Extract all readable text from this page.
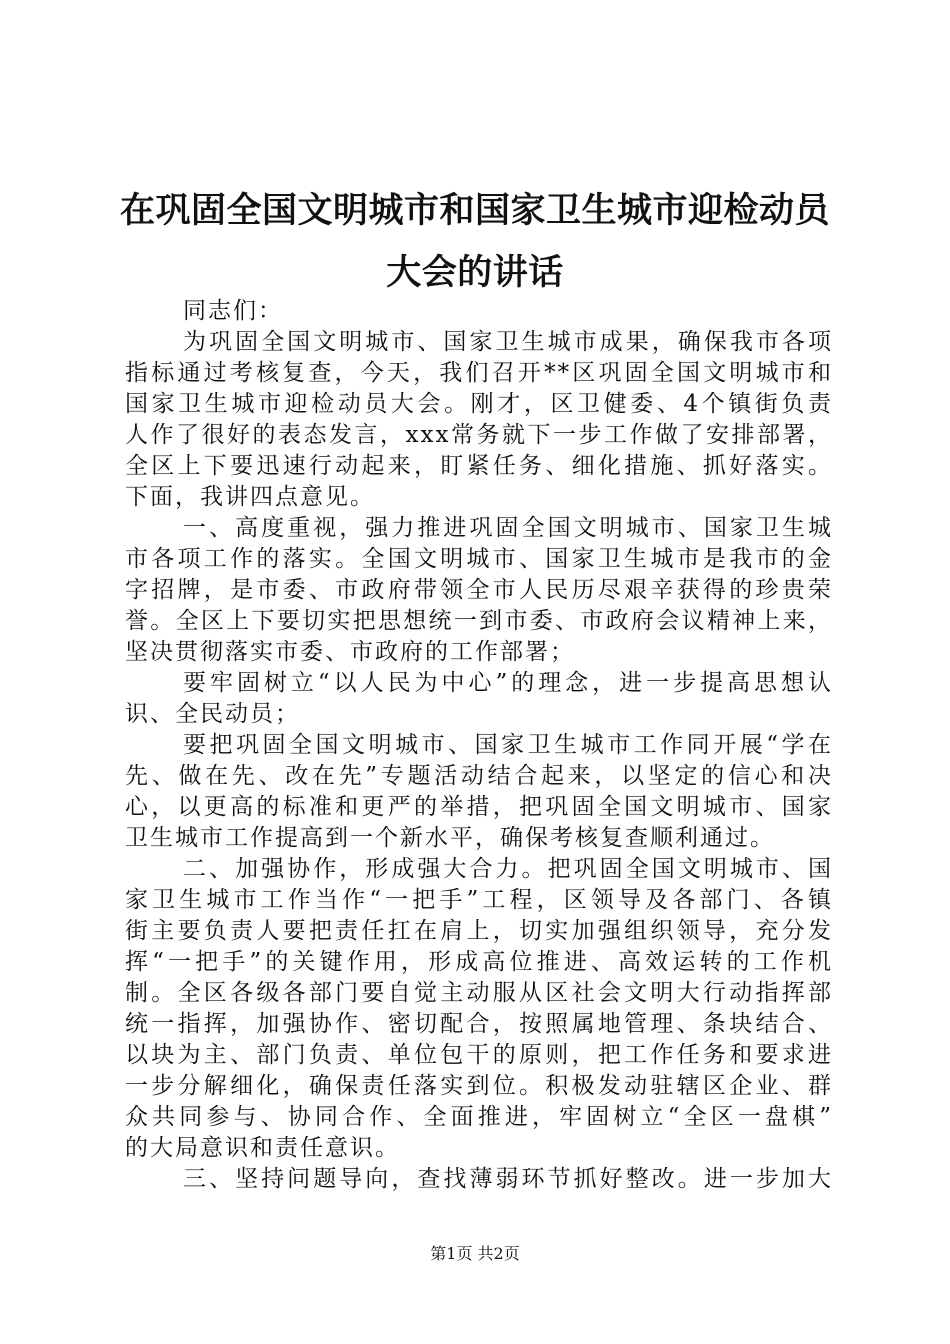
在巩固全国文明城市和国家卫生城市迎检动员
大会的讲话
同志们：
为巩固全国文明城市、国家卫生城市成果，确保我市各项
指标通过考核复查，今天，我们召开**区巩固全国文明城市和
国家卫生城市迎检动员大会。刚才，区卫健委、4个镇街负责
人作了很好的表态发言，xxx常务就下一步工作做了安排部署，
全区上下要迅速行动起来，盯紧任务、细化措施、抓好落实。
下面，我讲四点意见。
一、高度重视，强力推进巩固全国文明城市、国家卫生城
市各项工作的落实。全国文明城市、国家卫生城市是我市的金
字招牌，是市委、市政府带领全市人民历尽艰辛获得的珍贵荣
誉。全区上下要切实把思想统一到市委、市政府会议精神上来，
坚决贯彻落实市委、市政府的工作部署；
要牢固树立“以人民为中心”的理念，进一步提高思想认
识、全民动员；
要把巩固全国文明城市、国家卫生城市工作同开展“学在
先、做在先、改在先”专题活动结合起来，以坚定的信心和决
心，以更高的标准和更严的举措，把巩固全国文明城市、国家
卫生城市工作提高到一个新水平，确保考核复查顺利通过。
二、加强协作，形成强大合力。把巩固全国文明城市、国
家卫生城市工作当作“一把手”工程，区领导及各部门、各镇
街主要负责人要把责任扛在肩上，切实加强组织领导，充分发
挥“一把手”的关键作用，形成高位推进、高效运转的工作机
制。全区各级各部门要自觉主动服从区社会文明大行动指挥部
统一指挥，加强协作、密切配合，按照属地管理、条块结合、
以块为主、部门负责、单位包干的原则，把工作任务和要求进
一步分解细化，确保责任落实到位。积极发动驻辖区企业、群
众共同参与、协同合作、全面推进，牢固树立“全区一盘棋”
的大局意识和责任意识。
三、坚持问题导向，查找薄弱环节抓好整改。进一步加大
第1页 共2页
